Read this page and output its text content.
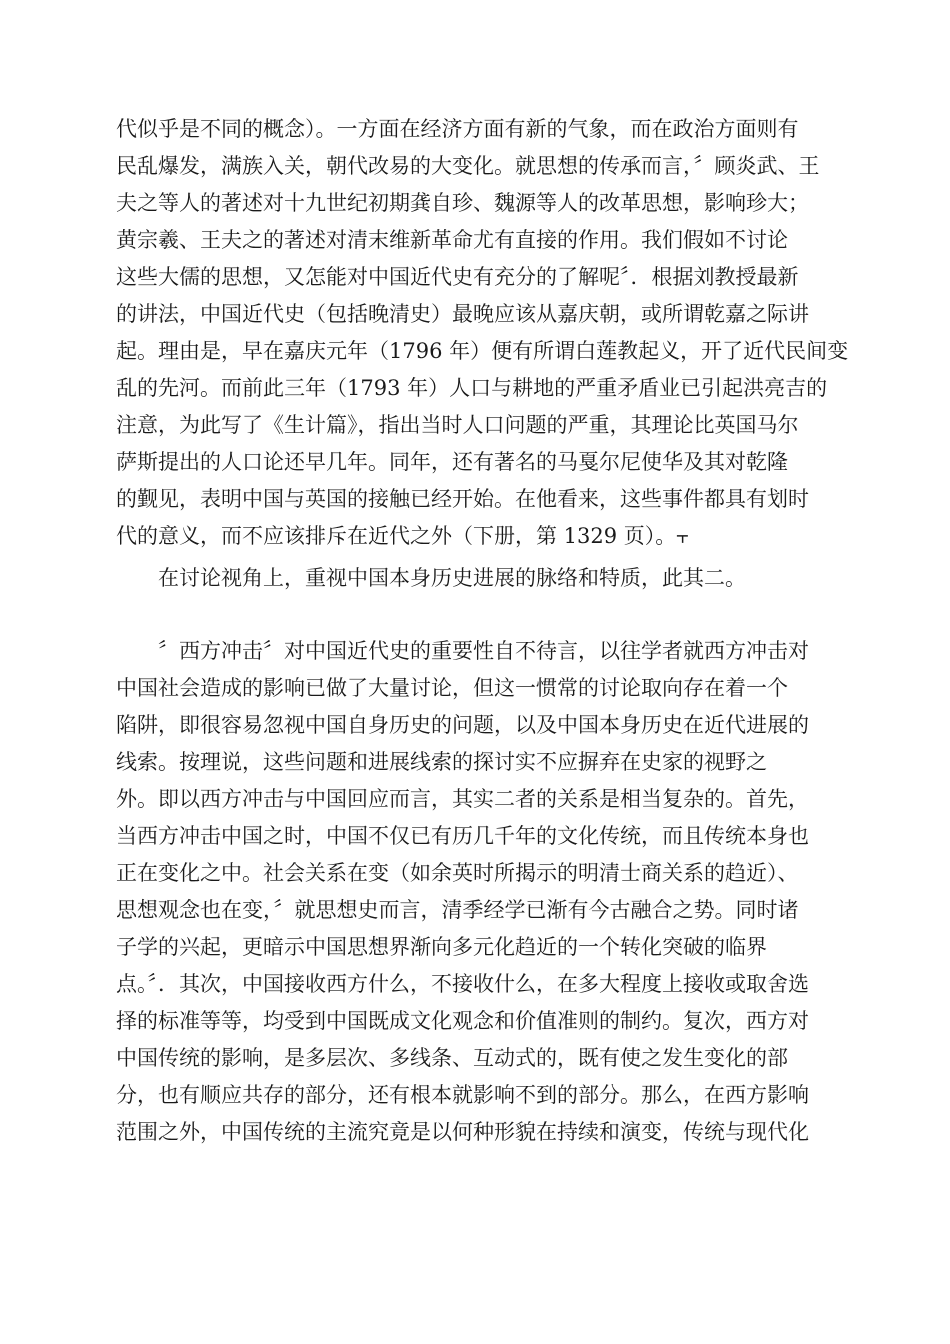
代似乎是不同的概念）。一方面在经济方面有新的气象，而在政治方面则有
民乱爆发，满族入关，朝代改易的大变化。就思想的传承而言，〞顾炎武、王
夫之等人的著述对十九世纪初期龚自珍、魏源等人的改革思想，影响珍大；
黄宗羲、王夫之的著述对清末维新革命尤有直接的作用。我们假如不讨论
这些大儒的思想，又怎能对中国近代史有充分的了解呢〞．根据刘教授最新
的讲法，中国近代史（包括晚清史）最晚应该从嘉庆朝，或所谓乾嘉之际讲
起。理由是，早在嘉庆元年（1796 年）便有所谓白莲教起义，开了近代民间变
乱的先河。而前此三年（1793 年）人口与耕地的严重矛盾业已引起洪亮吉的
注意，为此写了《生计篇》，指出当时人口问题的严重，其理论比英国马尔
萨斯提出的人口论还早几年。同年，还有著名的马戛尔尼使华及其对乾隆
的觐见，表明中国与英国的接触已经开始。在他看来，这些事件都具有划时
代的意义，而不应该排斥在近代之外（下册，第 1329 页）。⫟

　　在讨论视角上，重视中国本身历史进展的脉络和特质，此其二。

　　〞西方冲击〞对中国近代史的重要性自不待言，以往学者就西方冲击对
中国社会造成的影响已做了大量讨论，但这一惯常的讨论取向存在着一个
陷阱，即很容易忽视中国自身历史的问题，以及中国本身历史在近代进展的
线索。按理说，这些问题和进展线索的探讨实不应摒弃在史家的视野之
外。即以西方冲击与中国回应而言，其实二者的关系是相当复杂的。首先，
当西方冲击中国之时，中国不仅已有历几千年的文化传统，而且传统本身也
正在变化之中。社会关系在变（如余英时所揭示的明清士商关系的趋近）、
思想观念也在变，〞就思想史而言，清季经学已渐有今古融合之势。同时诸
子学的兴起，更暗示中国思想界渐向多元化趋近的一个转化突破的临界
点。〞．其次，中国接收西方什么，不接收什么，在多大程度上接收或取舍选
择的标准等等，均受到中国既成文化观念和价值准则的制约。复次，西方对
中国传统的影响，是多层次、多线条、互动式的，既有使之发生变化的部
分，也有顺应共存的部分，还有根本就影响不到的部分。那么，在西方影响
范围之外，中国传统的主流究竟是以何种形貌在持续和演变，传统与现代化
